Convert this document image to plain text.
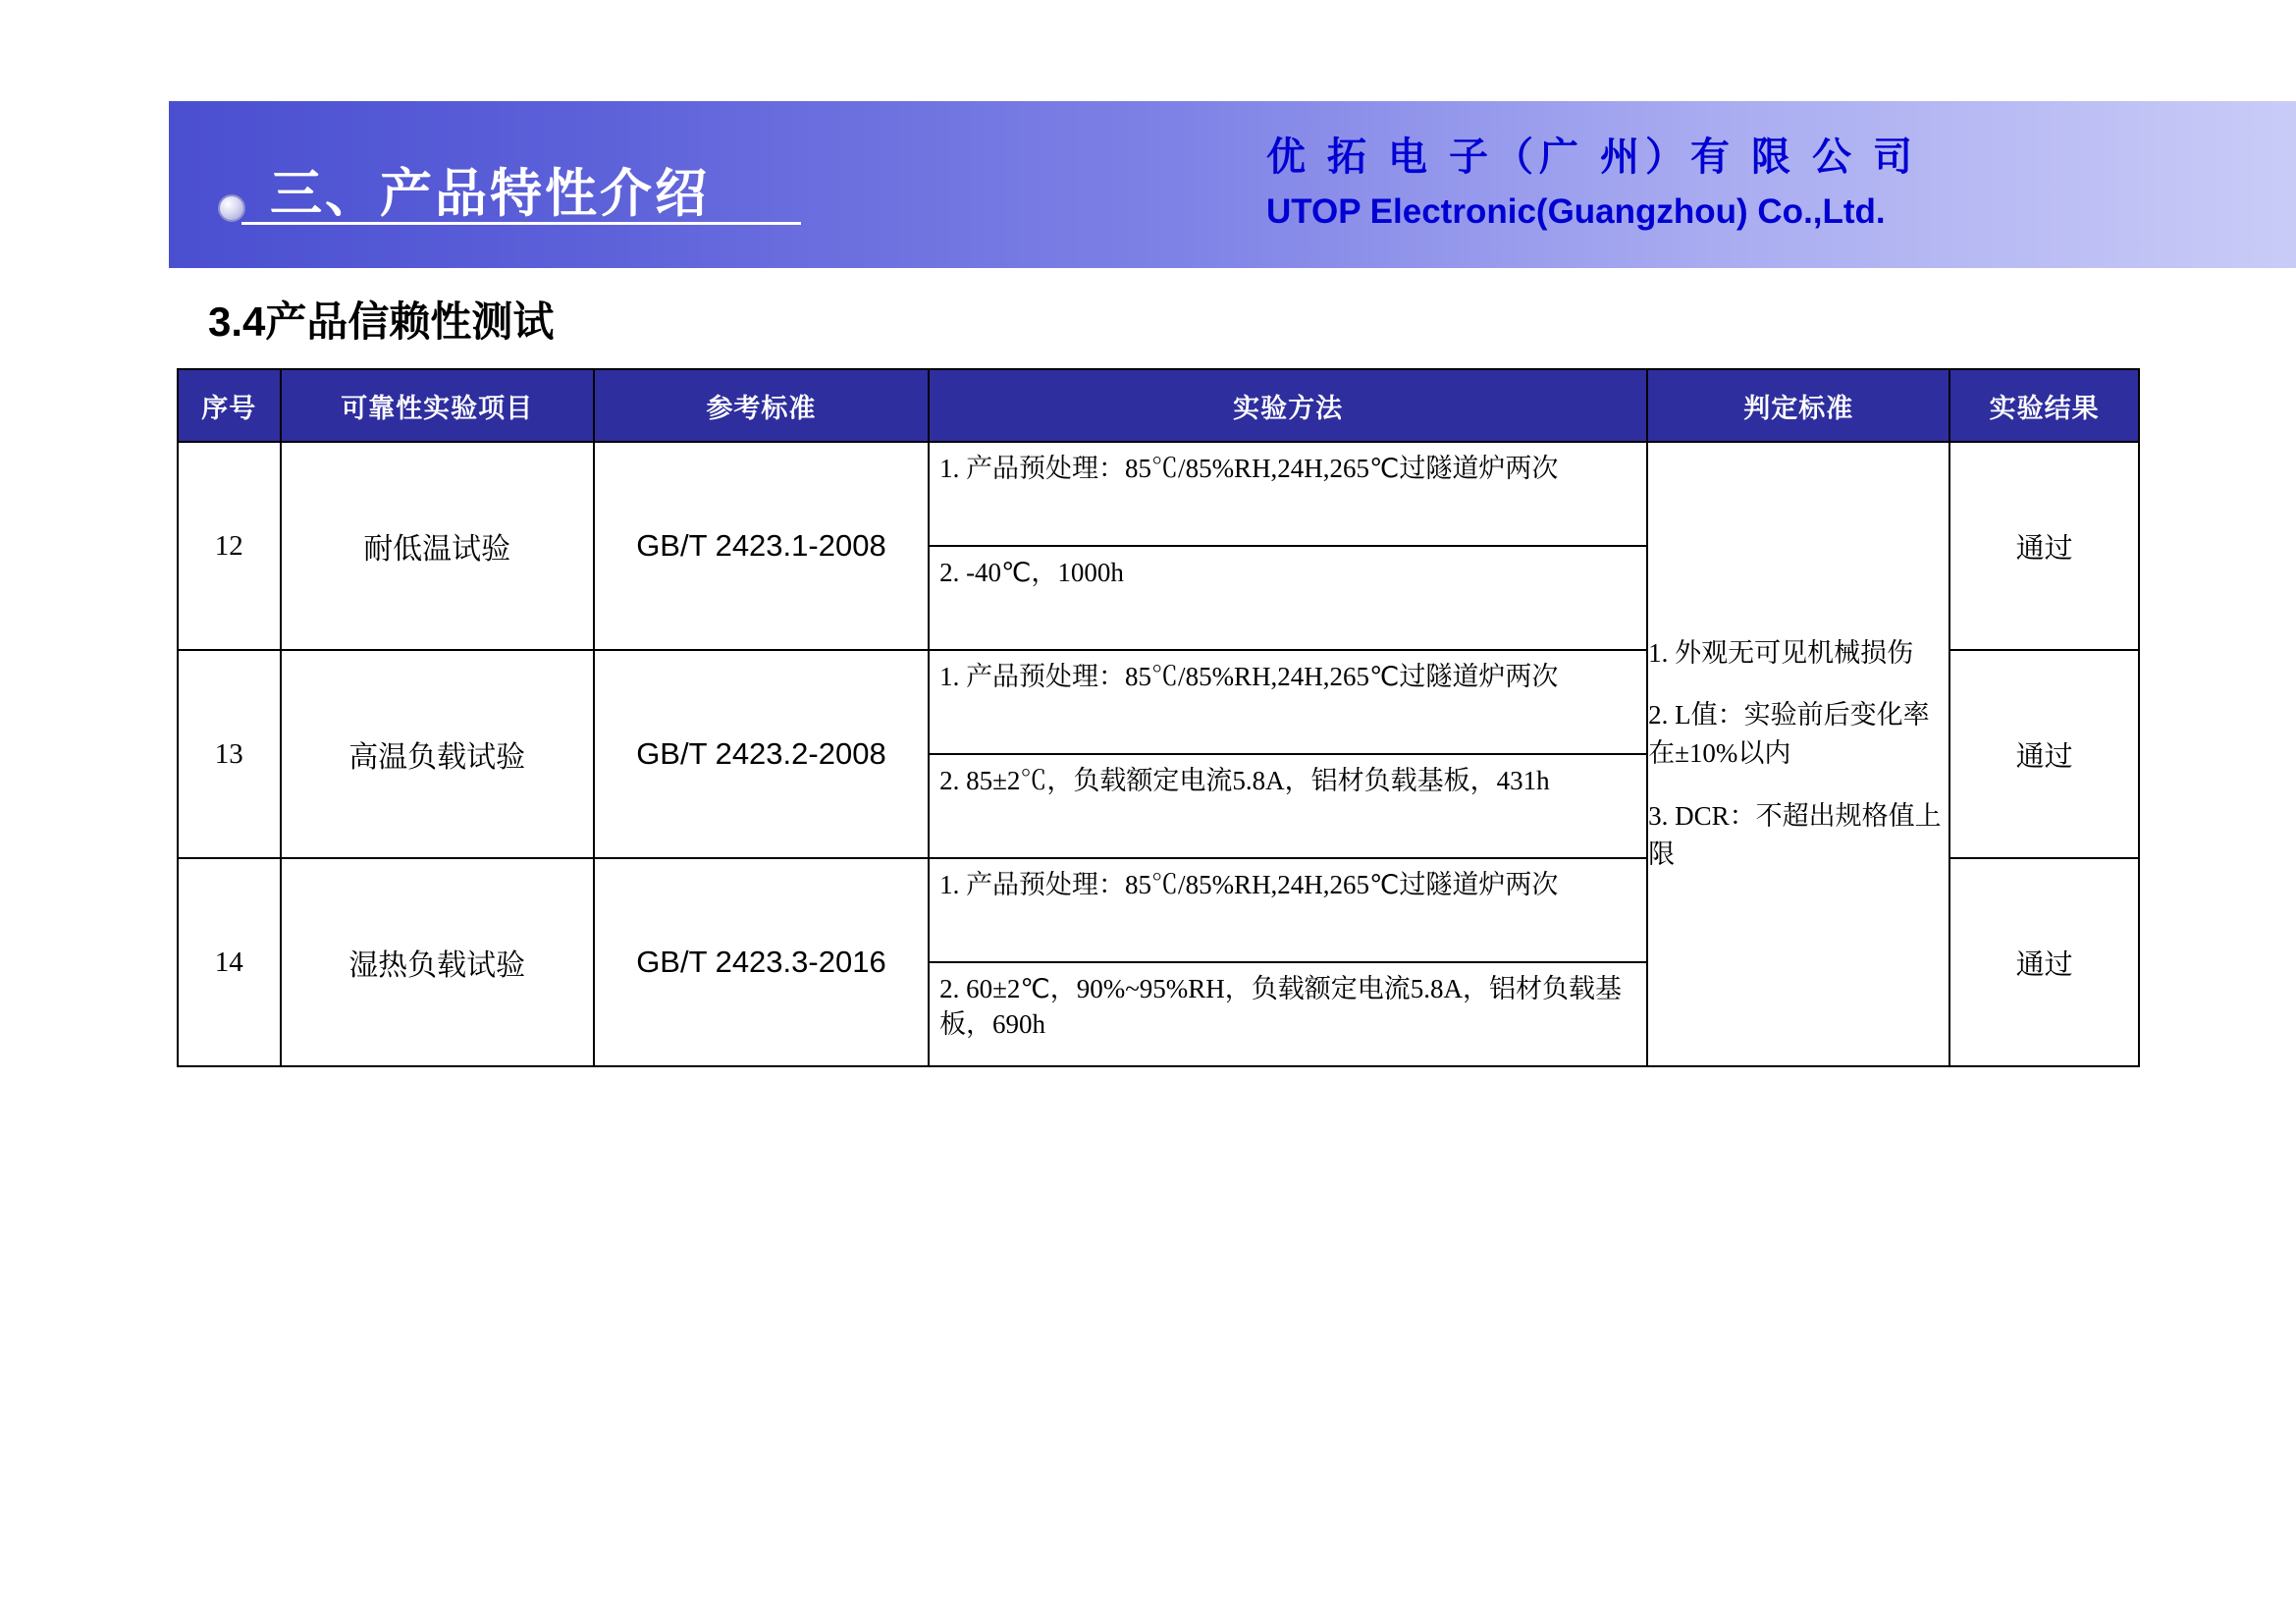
三、产品特性介绍
优 拓 电 子（广 州）有 限 公 司
UTOP Electronic(Guangzhou) Co.,Ltd.
3.4产品信赖性测试
序号	可靠性实验项目	参考标准	实验方法	判定标准	实验结果
12	耐低温试验	GB/T 2423.1-2008	
1. 产品预处理：85℃/85%RH,24H,265℃过隧道炉两次
2. -40℃，1000h

1. 外观无可见机械损伤
2. L值：实验前后变化率在±10%以内
3. DCR：不超出规格值上限
	通过
13	高温负载试验	GB/T 2423.2-2008	
1. 产品预处理：85℃/85%RH,24H,265℃过隧道炉两次
2. 85±2℃，负载额定电流5.8A，铝材负载基板，431h
	通过
14	湿热负载试验	GB/T 2423.3-2016	
1. 产品预处理：85℃/85%RH,24H,265℃过隧道炉两次
2. 60±2℃，90%~95%RH，负载额定电流5.8A，铝材负载基板，690h
	通过
